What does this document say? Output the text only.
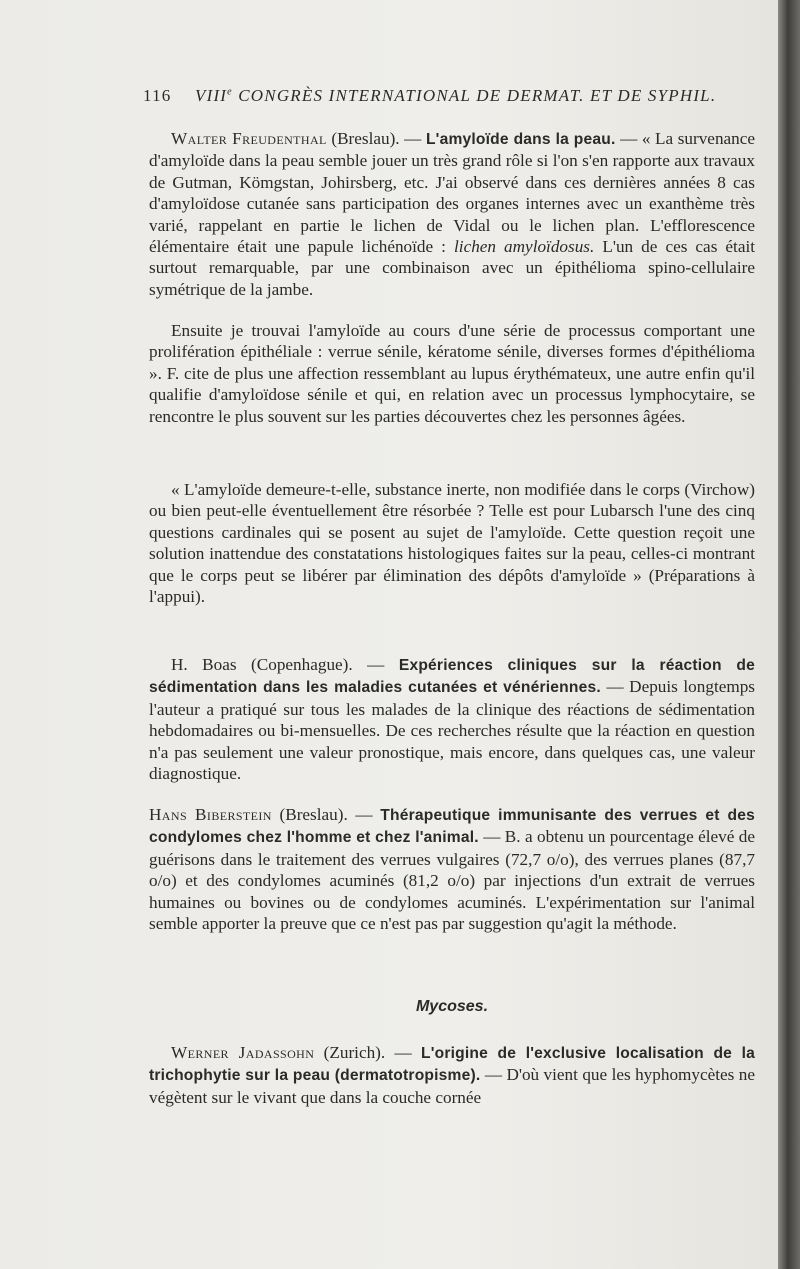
116 VIIIe CONGRÈS INTERNATIONAL DE DERMAT. ET DE SYPHIL.
Walter Freudenthal (Breslau). — L'amyloïde dans la peau. — « La survenance d'amyloïde dans la peau semble jouer un très grand rôle si l'on s'en rapporte aux travaux de Gutman, Kömgstan, Johirsberg, etc. J'ai observé dans ces dernières années 8 cas d'amyloïdose cutanée sans participation des organes internes avec un exanthème très varié, rappelant en partie le lichen de Vidal ou le lichen plan. L'efflorescence élémentaire était une papule lichénoïde : lichen amyloïdosus. L'un de ces cas était surtout remarquable, par une combinaison avec un épithélioma spino-cellulaire symétrique de la jambe.
Ensuite je trouvai l'amyloïde au cours d'une série de processus comportant une prolifération épithéliale : verrue sénile, kératome sénile, diverses formes d'épithélioma ». F. cite de plus une affection ressemblant au lupus érythémateux, une autre enfin qu'il qualifie d'amyloïdose sénile et qui, en relation avec un processus lymphocytaire, se rencontre le plus souvent sur les parties découvertes chez les personnes âgées.
« L'amyloïde demeure-t-elle, substance inerte, non modifiée dans le corps (Virchow) ou bien peut-elle éventuellement être résorbée ? Telle est pour Lubarsch l'une des cinq questions cardinales qui se posent au sujet de l'amyloïde. Cette question reçoit une solution inattendue des constatations histologiques faites sur la peau, celles-ci montrant que le corps peut se libérer par élimination des dépôts d'amyloïde » (Préparations à l'appui).
H. Boas (Copenhague). — Expériences cliniques sur la réaction de sédimentation dans les maladies cutanées et vénériennes. — Depuis longtemps l'auteur a pratiqué sur tous les malades de la clinique des réactions de sédimentation hebdomadaires ou bi-mensuelles. De ces recherches résulte que la réaction en question n'a pas seulement une valeur pronostique, mais encore, dans quelques cas, une valeur diagnostique.
Hans Biberstein (Breslau). — Thérapeutique immunisante des verrues et des condylomes chez l'homme et chez l'animal. — B. a obtenu un pourcentage élevé de guérisons dans le traitement des verrues vulgaires (72,7 o/o), des verrues planes (87,7 o/o) et des condylomes acuminés (81,2 o/o) par injections d'un extrait de verrues humaines ou bovines ou de condylomes acuminés. L'expérimentation sur l'animal semble apporter la preuve que ce n'est pas par suggestion qu'agit la méthode.
Mycoses.
Werner Jadassohn (Zurich). — L'origine de l'exclusive localisation de la trichophytie sur la peau (dermatotropisme). — D'où vient que les hyphomycètes ne végètent sur le vivant que dans la couche cornée
